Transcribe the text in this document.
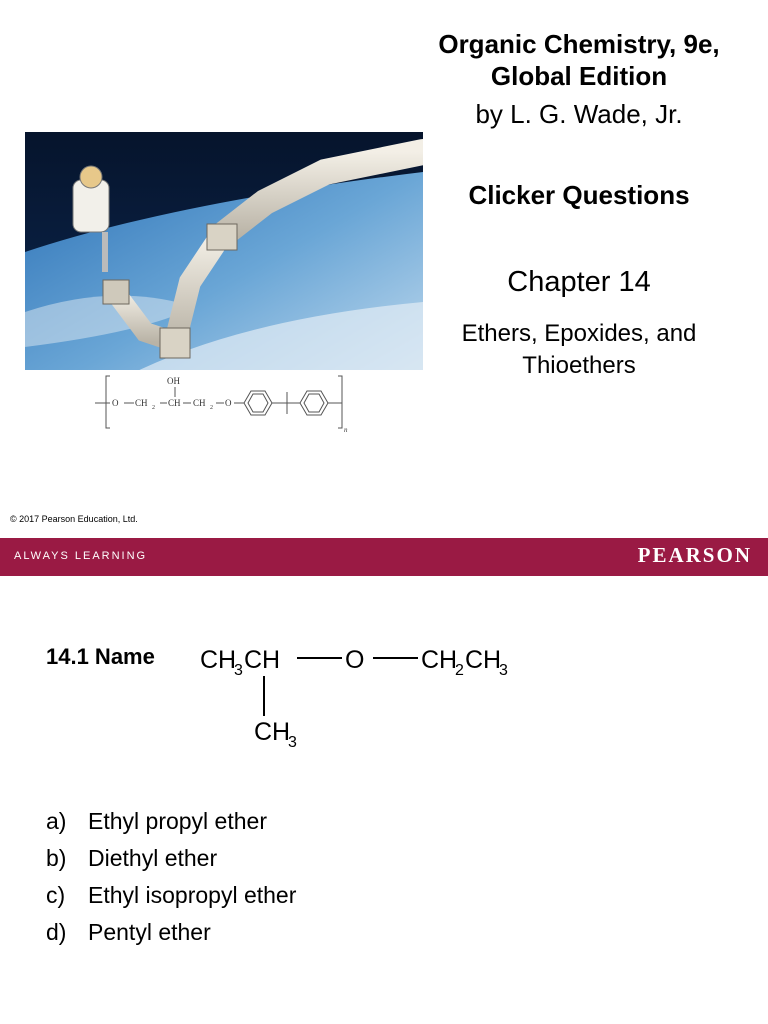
OH
O CH 2 CH CH 2 O
n
Organic Chemistry, 9e,
Global Edition
by L. G. Wade, Jr.
Clicker Questions
Chapter 14
Ethers, Epoxides, and
Thioethers
© 2017 Pearson Education, Ltd.
ALWAYS LEARNING	PEARSON
14.1 Name CH
3 CH	O CH
2 CH
3
CH
3
a) Ethyl propyl ether
b) Diethyl ether
c) Ethyl isopropyl ether
d) Pentyl ether
